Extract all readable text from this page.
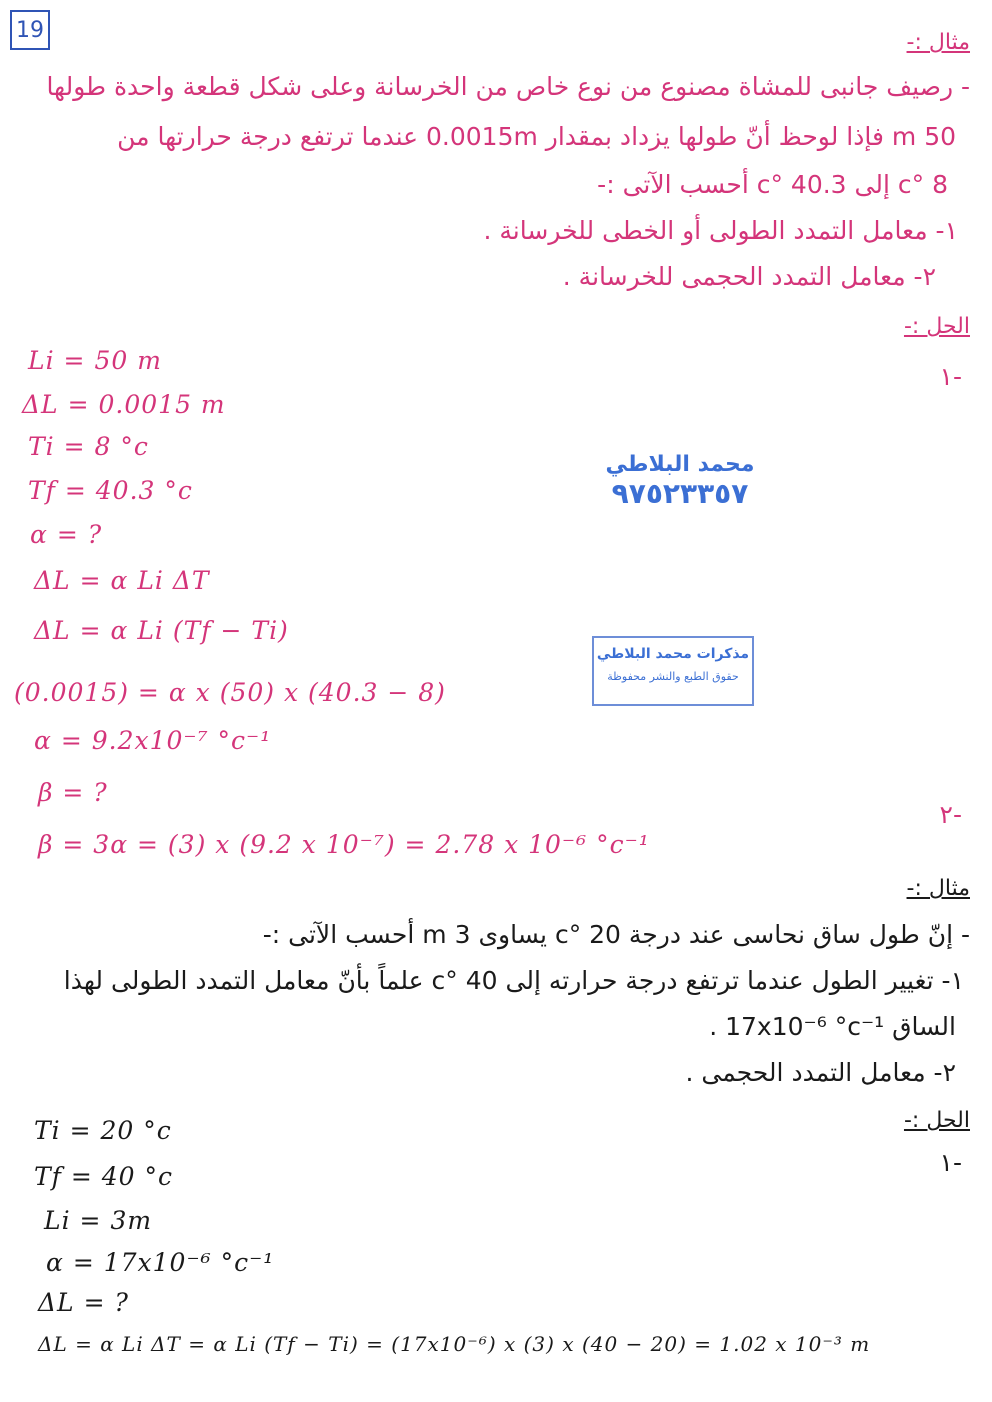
19	مثال :-
- رصيف جانبى للمشاة مصنوع من نوع خاص من الخرسانة وعلى شكل قطعة واحدة طولها
50 m فإذا لوحظ أنّ طولها يزداد بمقدار 0.0015m عندما ترتفع درجة حرارتها من
8 °c إلى 40.3 °c أحسب الآتى :-
١- معامل التمدد الطولى أو الخطى للخرسانة .
٢- معامل التمدد الحجمى للخرسانة .
الحل :-
-١
Li = 50 m
ΔL = 0.0015 m
Ti = 8 °c
Tf = 40.3 °c
α = ?
ΔL = α Li ΔT
ΔL = α Li (Tf − Ti)
(0.0015) = α x (50) x (40.3 − 8)
α = 9.2x10⁻⁷ °c⁻¹
β = ?
β = 3α = (3) x (9.2 x 10⁻⁷) = 2.78 x 10⁻⁶ °c⁻¹
-٢
محمد البلاطي
٩٧٥٢٣٣٥٧
مذكرات محمد البلاطي
حقوق الطبع والنشر محفوظة
مثال :-
- إنّ طول ساق نحاسى عند درجة 20 °c يساوى 3 m أحسب الآتى :-
١- تغيير الطول عندما ترتفع درجة حرارته إلى 40 °c علماً بأنّ معامل التمدد الطولى لهذا
الساق 17x10⁻⁶ °c⁻¹ .
٢- معامل التمدد الحجمى .
الحل :-
-١
Ti = 20 °c
Tf = 40 °c
Li = 3m
α = 17x10⁻⁶ °c⁻¹
ΔL = ?
ΔL = α Li ΔT = α Li (Tf − Ti) = (17x10⁻⁶) x (3) x (40 − 20) = 1.02 x 10⁻³ m
